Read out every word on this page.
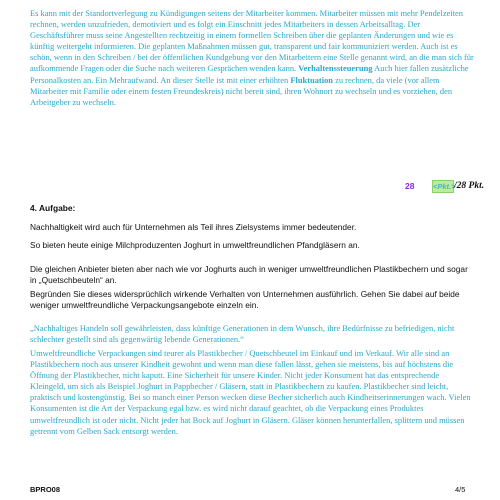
Es kann mit der Standortverlegung zu Kündigungen seitens der Mitarbeiter kommen. Mitarbeiter müssen mit mehr Pendelzeiten rechnen, werden unzufrieden, demotiviert und es folgt ein Einschnitt jedes Mitarbeiters in dessen Arbeitsalltag. Der Geschäftsführer muss seine Angestellten rechtzeitig in einem formellen Schreiben über die geplanten Änderungen und wie es künftig weitergeht informieren. Die geplanten Maßnahmen müssen gut, transparent und fair kommuniziert werden. Auch ist es schön, wenn in den Schreiben / bei der öffentlichen Kundgebung vor den Mitarbeitern eine Stelle genannt wird, an die man sich für aufkommende Fragen oder die Suche nach weiteren Gesprächen wenden kann. Verhaltenssteuerung Auch hier fallen zusätzliche Personalkosten an. Ein Mehraufwand. An dieser Stelle ist mit einer erhöhten Fluktuation zu rechnen, da viele (vor allem Mitarbeiter mit Familie oder einem festen Freundeskreis) nicht bereit sind, ihren Wohnort zu wechseln und es vorziehen, den Arbeitgeber zu wechseln.

28 <Pkt.>
/28 Pkt.
4. Aufgabe:

Nachhaltigkeit wird auch für Unternehmen als Teil ihres Zielsystems immer bedeutender.

So bieten heute einige Milchproduzenten Joghurt in umweltfreundlichen Pfandgläsern an.

Die gleichen Anbieter bieten aber nach wie vor Joghurts auch in weniger umweltfreundlichen Plastikbechern und sogar in „Quetschbeuteln“ an.

Begründen Sie dieses widersprüchlich wirkende Verhalten von Unternehmen ausführlich. Gehen Sie dabei auf beide weniger umweltfreundliche Verpackungsangebote einzeln ein.

„Nachhaltiges Handeln soll gewährleisten, dass künftige Generationen in dem Wunsch, ihre Bedürfnisse zu befriedigen, nicht schlechter gestellt sind als gegenwärtig lebende Generationen.“

Umweltfreundliche Verpackungen sind teurer als Plastikbecher / Quetschbeutel im Einkauf und im Verkauf. Wir alle sind an Plastikbechern noch aus unserer Kindheit gewohnt und wenn man diese fallen lässt, gehen sie meistens, bis auf höchstens die Öffnung der Plastikbecher, nicht kaputt. Eine Sicherheit für unsere Kinder. Nicht jeder Konsument hat das entsprechende Kleingeld, um sich als Beispiel Joghurt in Pappbecher / Gläsern, statt in Plastikbechern zu kaufen. Plastikbecher sind leicht, praktisch und kostengünstig. Bei so manch einer Person wecken diese Becher sicherlich auch Kindheitserinnerungen wach. Vielen Konsumenten ist die Art der Verpackung egal bzw. es wird nicht darauf geachtet, ob die Verpackung eines Produktes umweltfreundlich ist oder nicht. Nicht jeder hat Bock auf Joghurt in Gläsern. Gläser können herunterfallen, splittern und müssen getrennt vom Gelben Sack entsorgt werden.

BPRO08	4/5
